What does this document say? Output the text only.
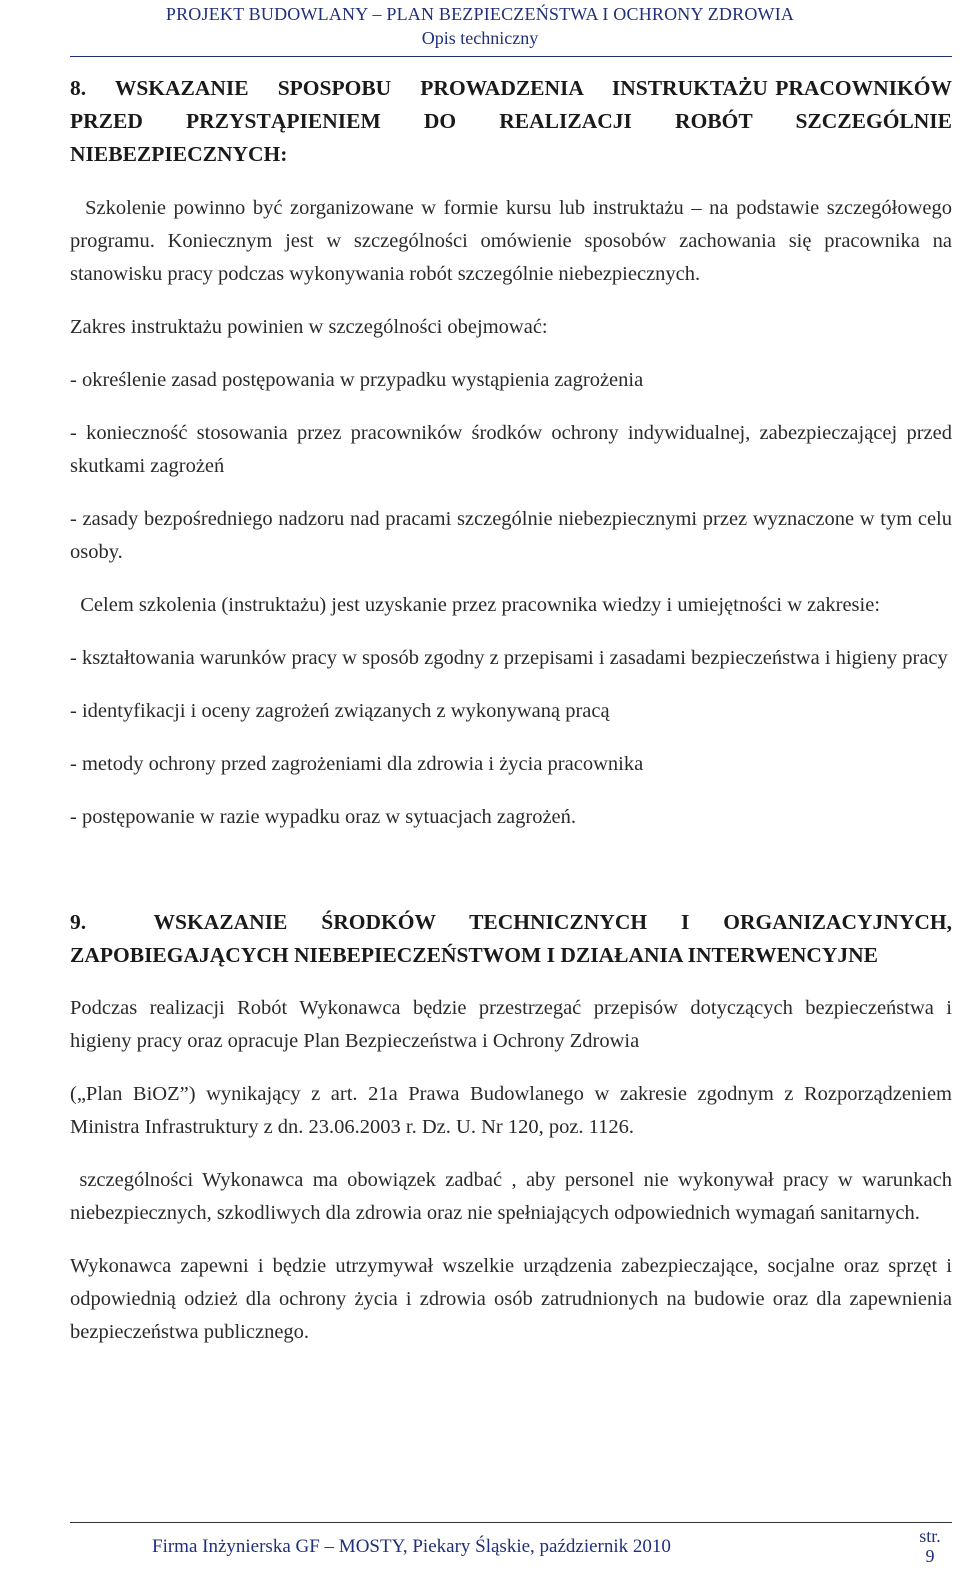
PROJEKT BUDOWLANY – PLAN BEZPIECZEŃSTWA I OCHRONY ZDROWIA
Opis techniczny
8.    WSKAZANIE    SPOSPOBU    PROWADZENIA    INSTRUKTAŻU PRACOWNIKÓW PRZED PRZYSTĄPIENIEM DO REALIZACJI ROBÓT SZCZEGÓLNIE NIEBEZPIECZNYCH:

Szkolenie powinno być zorganizowane w formie kursu lub instruktażu – na podstawie szczegółowego programu. Koniecznym jest w szczególności omówienie sposobów zachowania się pracownika na stanowisku pracy podczas wykonywania robót szczególnie niebezpiecznych.

Zakres instruktażu powinien w szczególności obejmować:

- określenie zasad postępowania w przypadku wystąpienia zagrożenia

- konieczność stosowania przez pracowników środków ochrony indywidualnej, zabezpieczającej przed skutkami zagrożeń

- zasady bezpośredniego nadzoru nad pracami szczególnie niebezpiecznymi przez wyznaczone w tym celu osoby.

Celem szkolenia (instruktażu) jest uzyskanie przez pracownika wiedzy i umiejętności w zakresie:

- kształtowania warunków pracy w sposób zgodny z przepisami i zasadami bezpieczeństwa i higieny pracy

- identyfikacji i oceny zagrożeń związanych z wykonywaną pracą

- metody ochrony przed zagrożeniami dla zdrowia i życia pracownika

- postępowanie w razie wypadku oraz w sytuacjach zagrożeń.

9.  WSKAZANIE ŚRODKÓW TECHNICZNYCH I ORGANIZACYJNYCH, ZAPOBIEGAJĄCYCH NIEBEPIECZEŃSTWOM I DZIAŁANIA INTERWENCYJNE

Podczas realizacji Robót Wykonawca będzie przestrzegać przepisów dotyczących bezpieczeństwa i higieny pracy oraz opracuje Plan Bezpieczeństwa i Ochrony Zdrowia

(„Plan BiOZ”) wynikający z art. 21a Prawa Budowlanego w zakresie zgodnym z Rozporządzeniem Ministra Infrastruktury z dn. 23.06.2003 r. Dz. U. Nr 120, poz. 1126.

szczególności Wykonawca ma obowiązek zadbać , aby personel nie wykonywał pracy w warunkach niebezpiecznych, szkodliwych dla zdrowia oraz nie spełniających odpowiednich wymagań sanitarnych.

Wykonawca zapewni i będzie utrzymywał wszelkie urządzenia zabezpieczające, socjalne oraz sprzęt i odpowiednią odzież dla ochrony życia i zdrowia osób zatrudnionych na budowie oraz dla zapewnienia bezpieczeństwa publicznego.

Firma Inżynierska GF – MOSTY, Piekary Śląskie, październik 2010	str.
9
